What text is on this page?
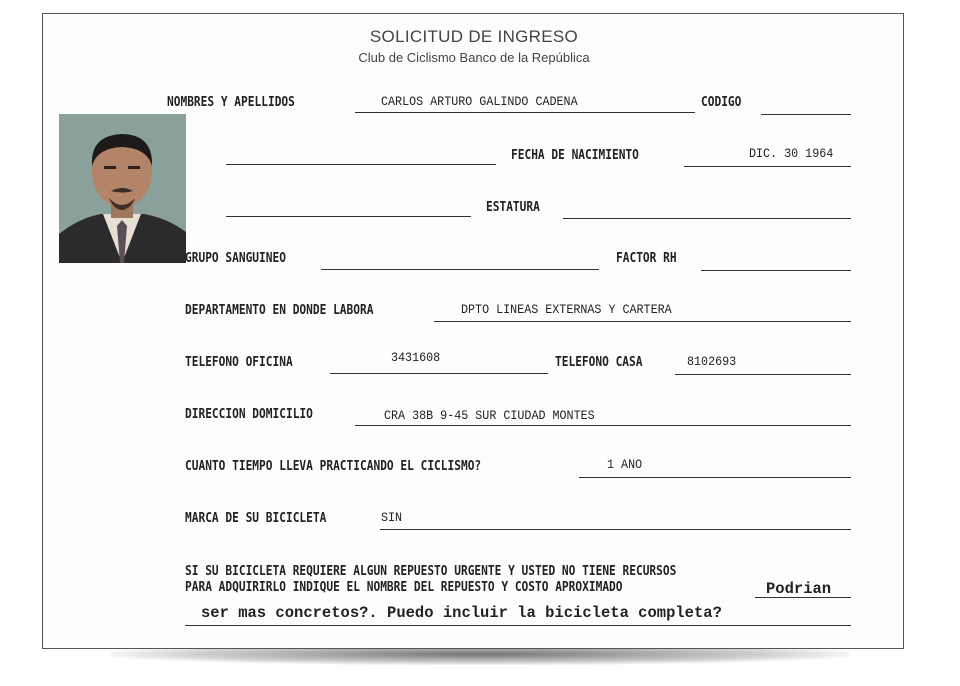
SOLICITUD DE INGRESO
Club de Ciclismo Banco de la República
NOMBRES Y APELLIDOS	CARLOS ARTURO GALINDO CADENA	CODIGO
FECHA DE NACIMIENTO	DIC. 30 1964
ESTATURA
GRUPO SANGUINEO	FACTOR RH
DEPARTAMENTO EN DONDE LABORA	DPTO LINEAS EXTERNAS Y CARTERA
TELEFONO OFICINA	3431608	TELEFONO CASA	8102693
DIRECCION DOMICILIO	CRA 38B 9-45 SUR CIUDAD MONTES
CUANTO TIEMPO LLEVA PRACTICANDO EL CICLISMO?	1 ANO
MARCA DE SU BICICLETA	SIN
SI SU BICICLETA REQUIERE ALGUN REPUESTO URGENTE Y USTED NO TIENE RECURSOS
PARA ADQUIRIRLO INDIQUE EL NOMBRE DEL REPUESTO Y COSTO APROXIMADO	Podrian
ser mas concretos?. Puedo incluir la bicicleta completa?
